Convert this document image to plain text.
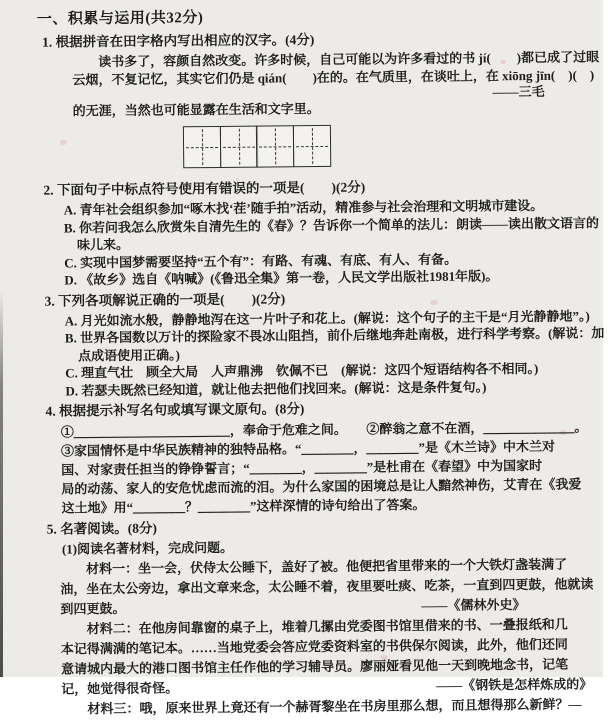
一、积累与运用(共32分)
1. 根据拼音在田字格内写出相应的汉字。(4分)
　　读书多了，容颜自然改变。许多时候，自己可能以为许多看过的书 jí(　　)都已成了过眼
云烟，不复记忆，其实它们仍是 qián(　　)在的。在气质里，在谈吐上，在 xiōng jīn(　)(　)
——三毛
的无涯，当然也可能显露在生活和文字里。
2. 下面句子中标点符号使用有错误的一项是(　　)(2分)
A. 青年社会组织参加“啄木找‘茬’随手拍”活动，精准参与社会治理和文明城市建设。
B. 你若问我怎么欣赏朱自清先生的《春》？告诉你一个简单的法儿：朗读——读出散文语言的
　味儿来。
C. 实现中国梦需要坚持“五个有”：有路、有魂、有底、有人、有备。
D. 《故乡》选自《呐喊》(《鲁迅全集》第一卷，人民文学出版社1981年版)。
3. 下列各项解说正确的一项是(　　)(2分)
A. 月光如流水般，静静地泻在这一片叶子和花上。(解说：这个句子的主干是“月光静静地”。)
B. 世界各国数以万计的探险家不畏冰山阻挡，前仆后继地奔赴南极，进行科学考察。(解说：加
　点成语使用正确。)
C. 理直气壮　顾全大局　人声鼎沸　钦佩不已　(解说：这四个短语结构各不相同。)
D. 若瑟夫既然已经知道，就让他去把他们找回来。(解说：这是条件复句。)
4. 根据提示补写名句或填写课文原句。(8分)
①＿＿＿＿＿＿＿＿＿＿＿＿，奉命于危难之间。　　②醉翁之意不在酒，＿＿＿＿＿＿＿。
③家国情怀是中华民族精神的独特品格。“＿＿＿＿，＿＿＿＿”是《木兰诗》中木兰对
国、对家责任担当的铮铮誓言；“＿＿＿＿，＿＿＿＿”是杜甫在《春望》中为国家时
局的动荡、家人的安危忧虑而流的泪。为什么家国的困境总是让人黯然神伤，艾青在《我爱
这土地》用“＿＿＿＿？＿＿＿＿”这样深情的诗句给出了答案。
5. 名著阅读。(8分)
(1)阅读名著材料，完成问题。
　　材料一：坐一会，伏侍太公睡下，盖好了被。他便把省里带来的一个大铁灯盏装满了
油，坐在太公旁边，拿出文章来念，太公睡不着，夜里要吐痰、吃茶，一直到四更鼓，他就读
到四更鼓。	——《儒林外史》
　　材料二：在他房间靠窗的桌子上，堆着几摞由党委图书馆里借来的书、一叠报纸和几
本记得满满的笔记本。……当地党委会答应党委资料室的书供保尔阅读，此外，他们还同
意请城内最大的港口图书馆主任作他的学习辅导员。廖丽娅看见他一天到晚地念书，记笔
记，她觉得很奇怪。	——《钢铁是怎样炼成的》
　　材料三：哦，原来世界上竟还有一个赫胥黎坐在书房里那么想，而且想得那么新鲜？—
